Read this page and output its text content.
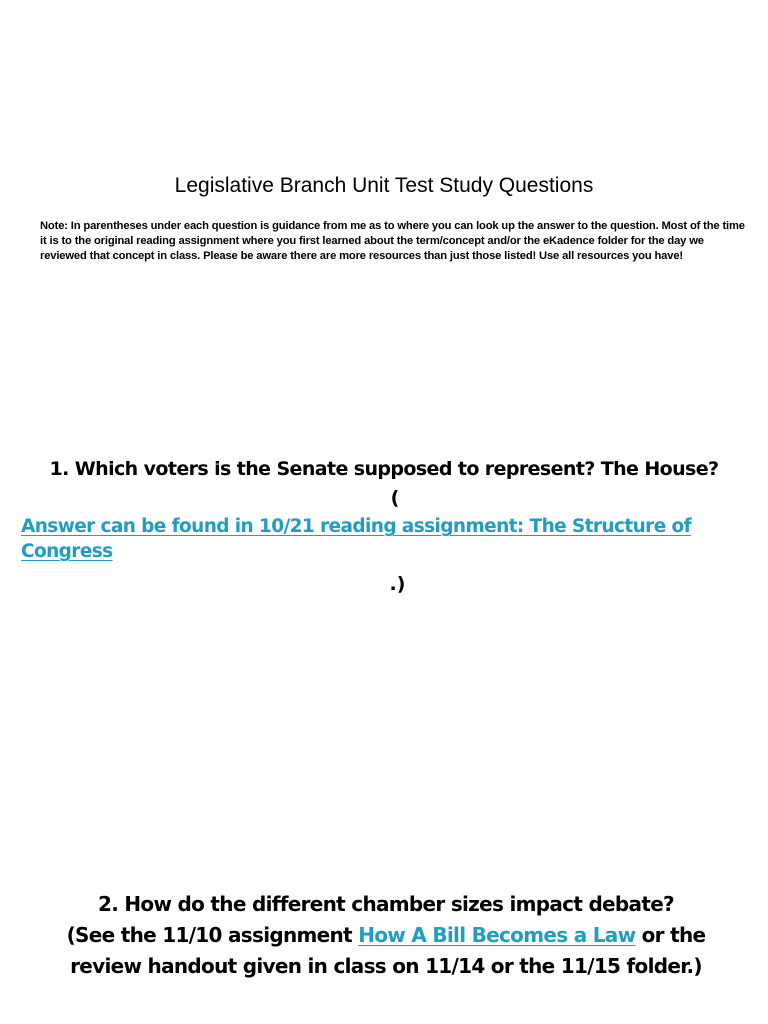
Legislative Branch Unit Test Study Questions

Note: In parentheses under each question is guidance from me as to where you can look up the answer to the question. Most of the time it is to the original reading assignment where you first learned about the term/concept and/or the eKadence folder for the day we reviewed that concept in class. Please be aware there are more resources than just those listed! Use all resources you have!

1. Which voters is the Senate supposed to represent? The House?
(
Answer can be found in 10/21 reading assignment: The Structure of Congress
.)

2. How do the different chamber sizes impact debate?

(See the 11/10 assignment How A Bill Becomes a Law or the

review handout given in class on 11/14 or the 11/15 folder.)
